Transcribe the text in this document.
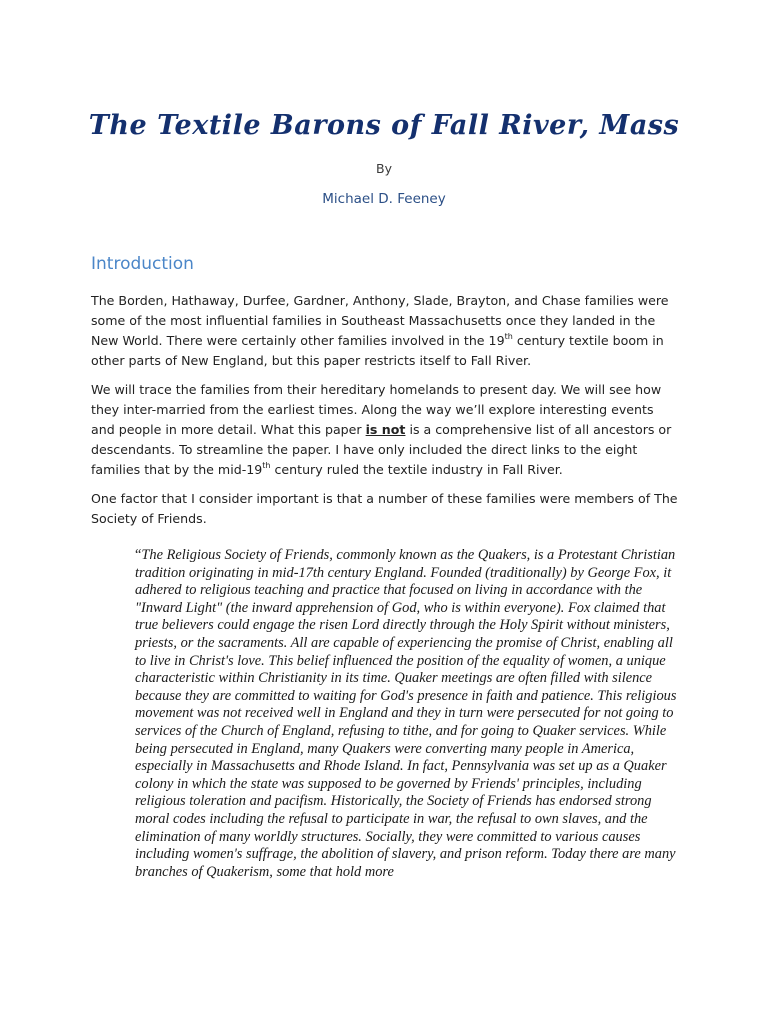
The Textile Barons of Fall River, Mass
By
Michael D. Feeney
Introduction

The Borden, Hathaway, Durfee, Gardner, Anthony, Slade, Brayton, and Chase families were some of the most influential families in Southeast Massachusetts once they landed in the New World. There were certainly other families involved in the 19th century textile boom in other parts of New England, but this paper restricts itself to Fall River.

We will trace the families from their hereditary homelands to present day. We will see how they inter-married from the earliest times. Along the way we’ll explore interesting events and people in more detail. What this paper is not is a comprehensive list of all ancestors or descendants. To streamline the paper. I have only included the direct links to the eight families that by the mid-19th century ruled the textile industry in Fall River.

One factor that I consider important is that a number of these families were members of The Society of Friends.

“The Religious Society of Friends, commonly known as the Quakers, is a Protestant Christian tradition originating in mid-17th century England. Founded (traditionally) by George Fox, it adhered to religious teaching and practice that focused on living in accordance with the "Inward Light" (the inward apprehension of God, who is within everyone). Fox claimed that true believers could engage the risen Lord directly through the Holy Spirit without ministers, priests, or the sacraments. All are capable of experiencing the promise of Christ, enabling all to live in Christ's love. This belief influenced the position of the equality of women, a unique characteristic within Christianity in its time. Quaker meetings are often filled with silence because they are committed to waiting for God's presence in faith and patience. This religious movement was not received well in England and they in turn were persecuted for not going to services of the Church of England, refusing to tithe, and for going to Quaker services. While being persecuted in England, many Quakers were converting many people in America, especially in Massachusetts and Rhode Island. In fact, Pennsylvania was set up as a Quaker colony in which the state was supposed to be governed by Friends' principles, including religious toleration and pacifism. Historically, the Society of Friends has endorsed strong moral codes including the refusal to participate in war, the refusal to own slaves, and the elimination of many worldly structures. Socially, they were committed to various causes including women's suffrage, the abolition of slavery, and prison reform. Today there are many branches of Quakerism, some that hold more
